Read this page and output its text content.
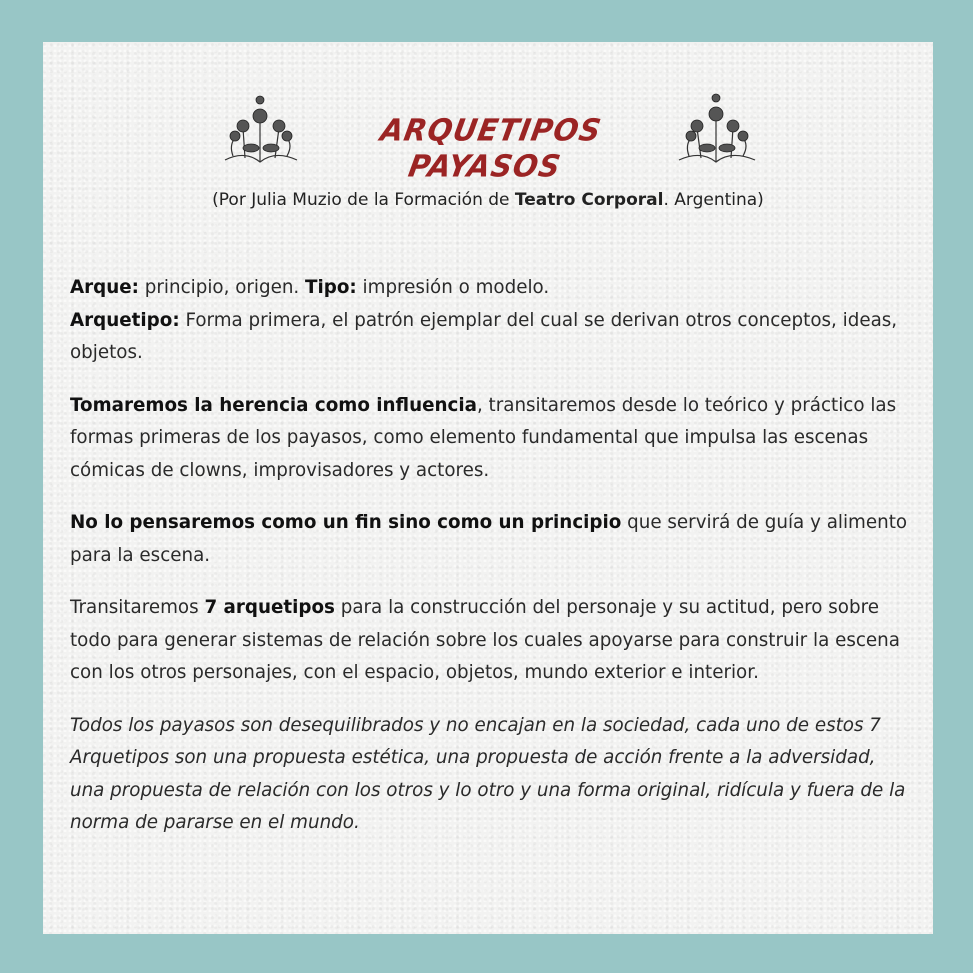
ARQUETIPOS PAYASOS
(Por Julia Muzio de la Formación de Teatro Corporal. Argentina)

Arque: principio, origen. Tipo: impresión o modelo.
Arquetipo: Forma primera, el patrón ejemplar del cual se derivan otros conceptos, ideas, objetos.

Tomaremos la herencia como influencia, transitaremos desde lo teórico y práctico las formas primeras de los payasos, como elemento fundamental que impulsa las escenas cómicas de clowns, improvisadores y actores.

No lo pensaremos como un fin sino como un principio que servirá de guía y alimento para la escena.

Transitaremos 7 arquetipos para la construcción del personaje y su actitud, pero sobre todo para generar sistemas de relación sobre los cuales apoyarse para construir la escena con los otros personajes, con el espacio, objetos, mundo exterior e interior.

Todos los payasos son desequilibrados y no encajan en la sociedad, cada uno de estos 7 Arquetipos son una propuesta estética, una propuesta de acción frente a la adversidad, una propuesta de relación con los otros y lo otro y una forma original, ridícula y fuera de la norma de pararse en el mundo.
